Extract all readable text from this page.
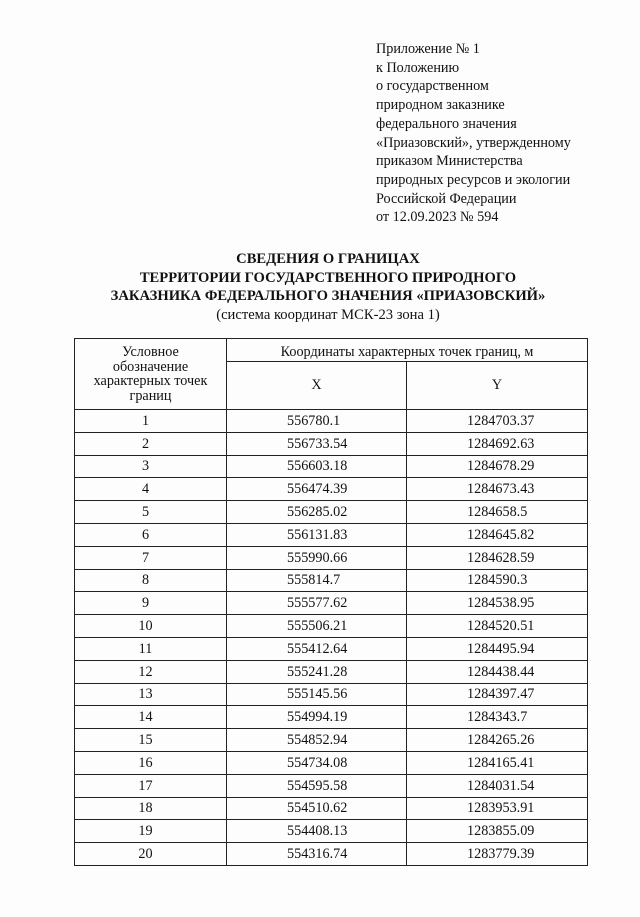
Приложение № 1
к Положению
о государственном
природном заказнике
федерального значения
«Приазовский», утвержденному
приказом Министерства
природных ресурсов и экологии
Российской Федерации
от 12.09.2023 № 594
СВЕДЕНИЯ О ГРАНИЦАХ
ТЕРРИТОРИИ ГОСУДАРСТВЕННОГО ПРИРОДНОГО
ЗАКАЗНИКА ФЕДЕРАЛЬНОГО ЗНАЧЕНИЯ «ПРИАЗОВСКИЙ»
(система координат МСК-23 зона 1)
Условное
обозначение
характерных точек
границ	Координаты характерных точек границ, м	
	X	Y
1	556780.1	1284703.37
2	556733.54	1284692.63
3	556603.18	1284678.29
4	556474.39	1284673.43
5	556285.02	1284658.5
6	556131.83	1284645.82
7	555990.66	1284628.59
8	555814.7	1284590.3
9	555577.62	1284538.95
10	555506.21	1284520.51
11	555412.64	1284495.94
12	555241.28	1284438.44
13	555145.56	1284397.47
14	554994.19	1284343.7
15	554852.94	1284265.26
16	554734.08	1284165.41
17	554595.58	1284031.54
18	554510.62	1283953.91
19	554408.13	1283855.09
20	554316.74	1283779.39
